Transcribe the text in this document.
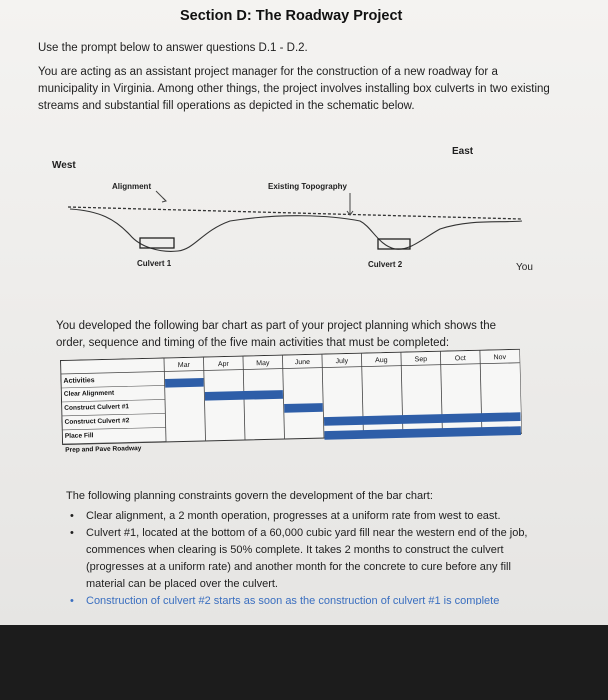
Section D: The Roadway Project
Use the prompt below to answer questions D.1 - D.2.
You are acting as an assistant project manager for the construction of a new roadway for a municipality in Virginia. Among other things, the project involves installing box culverts in two existing streams and substantial fill operations as depicted in the schematic below.
West
East
Alignment	Existing Topography
Culvert 1	Culvert 2	You
You developed the following bar chart as part of your project planning which shows the order, sequence and timing of the five main activities that must be completed:
Activities
Mar	Apr	May	June	July	Aug	Sep	Oct	Nov
Clear Alignment
Construct Culvert #1
Construct Culvert #2
Place Fill
Prep and Pave Roadway
The following planning constraints govern the development of the bar chart:
• Clear alignment, a 2 month operation, progresses at a uniform rate from west to east.
• Culvert #1, located at the bottom of a 60,000 cubic yard fill near the western end of the job, commences when clearing is 50% complete. It takes 2 months to construct the culvert (progresses at a uniform rate) and another month for the concrete to cure before any fill material can be placed over the culvert.
• Construction of culvert #2 starts as soon as the construction of culvert #1 is complete
